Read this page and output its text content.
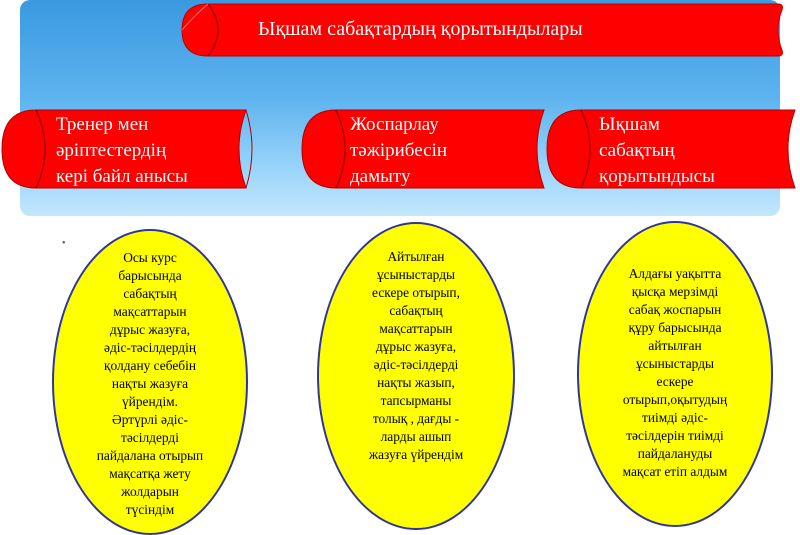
Ықшам сабақтардың қорытындылары
Тренер мен
әріптестердің
кері байл анысы
Жоспарлау
тәжірибесін
дамыту
Ықшам
сабақтың
қорытындысы
•
Осы курс
барысында
сабақтың
мақсаттарын
дұрыс жазуға,
әдіс-тәсілдердің
қолдану себебін
нақты жазуға
үйрендім.
Әртүрлі әдіс-
тәсілдерді
пайдалана отырып
мақсатқа жету
жолдарын
түсіндім
Айтылған
ұсыныстарды
ескере отырып,
сабақтың
мақсаттарын
дұрыс жазуға,
әдіс-тәсілдерді
нақты жазып,
тапсырманы
толық , дағды -
ларды ашып
жазуға үйрендім
Алдағы уақытта
қысқа мерзімді
сабақ жоспарын
құру барысында
айтылған
ұсыныстарды
ескере
отырып,оқытудың
тиімді әдіс-
тәсілдерін тиімді
пайдалануды
мақсат етіп алдым
